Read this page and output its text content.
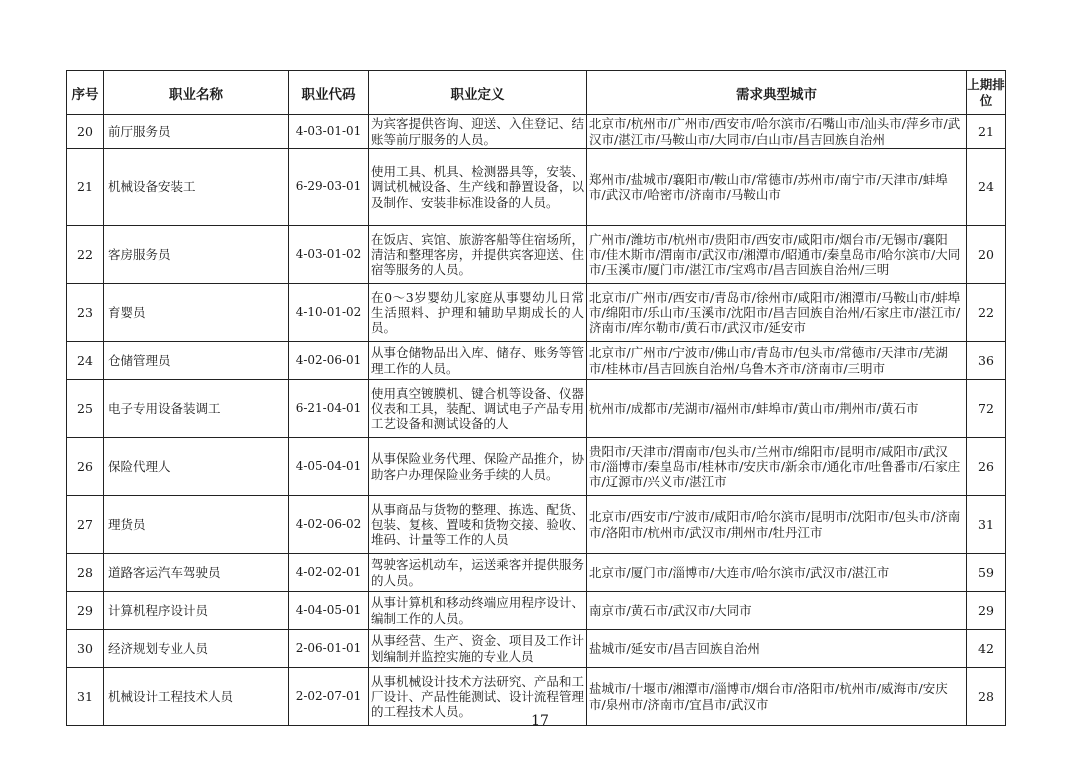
序号	职业名称	职业代码	职业定义	需求典型城市	上期排位
20	前厅服务员	4-03-01-01	为宾客提供咨询、迎送、入住登记、结账等前厅服务的人员。	北京市/杭州市/广州市/西安市/哈尔滨市/石嘴山市/汕头市/萍乡市/武汉市/湛江市/马鞍山市/大同市/白山市/昌吉回族自治州	21
21	机械设备安装工	6-29-03-01	使用工具、机具、检测器具等，安装、调试机械设备、生产线和静置设备，以及制作、安装非标准设备的人员。	郑州市/盐城市/襄阳市/鞍山市/常德市/苏州市/南宁市/天津市/蚌埠市/武汉市/哈密市/济南市/马鞍山市	24
22	客房服务员	4-03-01-02	在饭店、宾馆、旅游客船等住宿场所，清洁和整理客房，并提供宾客迎送、住宿等服务的人员。	广州市/潍坊市/杭州市/贵阳市/西安市/咸阳市/烟台市/无锡市/襄阳市/佳木斯市/渭南市/武汉市/湘潭市/昭通市/秦皇岛市/哈尔滨市/大同市/玉溪市/厦门市/湛江市/宝鸡市/昌吉回族自治州/三明	20
23	育婴员	4-10-01-02	在0～3岁婴幼儿家庭从事婴幼儿日常生活照料、护理和辅助早期成长的人员。	北京市/广州市/西安市/青岛市/徐州市/咸阳市/湘潭市/马鞍山市/蚌埠市/绵阳市/乐山市/玉溪市/沈阳市/昌吉回族自治州/石家庄市/湛江市/济南市/库尔勒市/黄石市/武汉市/延安市	22
24	仓储管理员	4-02-06-01	从事仓储物品出入库、储存、账务等管理工作的人员。	北京市/广州市/宁波市/佛山市/青岛市/包头市/常德市/天津市/芜湖市/桂林市/昌吉回族自治州/乌鲁木齐市/济南市/三明市	36
25	电子专用设备装调工	6-21-04-01	使用真空镀膜机、键合机等设备、仪器仪表和工具，装配、调试电子产品专用工艺设备和测试设备的人	杭州市/成都市/芜湖市/福州市/蚌埠市/黄山市/荆州市/黄石市	72
26	保险代理人	4-05-04-01	从事保险业务代理、保险产品推介，协助客户办理保险业务手续的人员。	贵阳市/天津市/渭南市/包头市/兰州市/绵阳市/昆明市/咸阳市/武汉市/淄博市/秦皇岛市/桂林市/安庆市/新余市/通化市/吐鲁番市/石家庄市/辽源市/兴义市/湛江市	26
27	理货员	4-02-06-02	从事商品与货物的整理、拣选、配货、包装、复核、置唛和货物交接、验收、堆码、计量等工作的人员	北京市/西安市/宁波市/咸阳市/哈尔滨市/昆明市/沈阳市/包头市/济南市/洛阳市/杭州市/武汉市/荆州市/牡丹江市	31
28	道路客运汽车驾驶员	4-02-02-01	驾驶客运机动车，运送乘客并提供服务的人员。	北京市/厦门市/淄博市/大连市/哈尔滨市/武汉市/湛江市	59
29	计算机程序设计员	4-04-05-01	从事计算机和移动终端应用程序设计、编制工作的人员。	南京市/黄石市/武汉市/大同市	29
30	经济规划专业人员	2-06-01-01	从事经营、生产、资金、项目及工作计划编制并监控实施的专业人员	盐城市/延安市/昌吉回族自治州	42
31	机械设计工程技术人员	2-02-07-01	从事机械设计技术方法研究、产品和工厂设计、产品性能测试、设计流程管理的工程技术人员。	盐城市/十堰市/湘潭市/淄博市/烟台市/洛阳市/杭州市/威海市/安庆市/泉州市/济南市/宜昌市/武汉市	28
17
